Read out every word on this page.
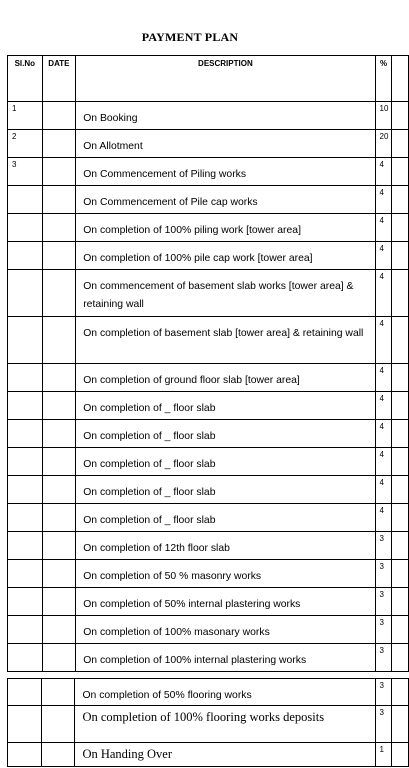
PAYMENT PLAN
Sl.No	DATE	DESCRIPTION	%	
1		On Booking	10	
2		On Allotment	20	
3		On Commencement of Piling works	4	
		On Commencement of Pile cap works	4	
		On completion of 100% piling work [tower area]	4	
		On completion of 100% pile cap work [tower area]	4	
		On commencement of basement slab works [tower area] & retaining wall	4	
		On completion of basement slab [tower area] & retaining wall	4	
		On completion of ground floor slab [tower area]	4	
		On completion of _ floor slab	4	
		On completion of _ floor slab	4	
		On completion of _ floor slab	4	
		On completion of _ floor slab	4	
		On completion of _ floor slab	4	
		On completion of 12th floor slab	3	
		On completion of 50 % masonry works	3	
		On completion of 50% internal plastering works	3	
		On completion of 100% masonary works	3	
		On completion of 100% internal plastering works	3	
		On completion of 50% flooring works	3	
		On completion of 100% flooring works deposits	3	
		On Handing Over	1	
